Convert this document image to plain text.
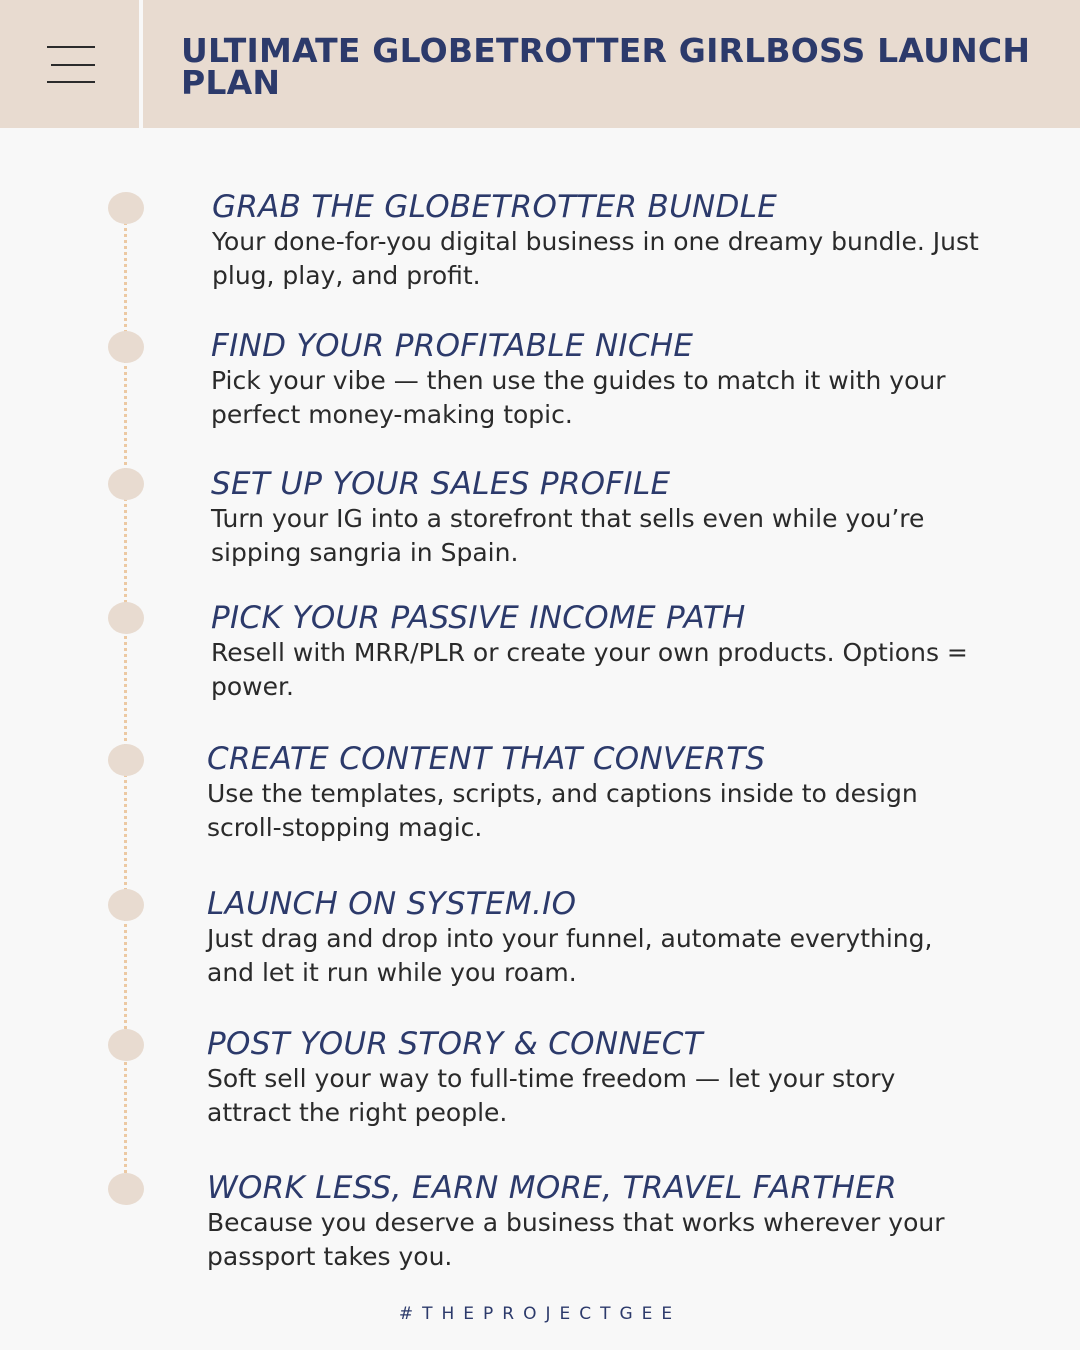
ULTIMATE GLOBETROTTER GIRLBOSS LAUNCH PLAN
GRAB THE GLOBETROTTER BUNDLE

Your done-for-you digital business in one dreamy bundle. Just plug, play, and profit.

FIND YOUR PROFITABLE NICHE

Pick your vibe — then use the guides to match it with your perfect money-making topic.

SET UP YOUR SALES PROFILE

Turn your IG into a storefront that sells even while you’re sipping sangria in Spain.

PICK YOUR PASSIVE INCOME PATH

Resell with MRR/PLR or create your own products. Options = power.

CREATE CONTENT THAT CONVERTS

Use the templates, scripts, and captions inside to design scroll-stopping magic.

LAUNCH ON SYSTEM.IO

Just drag and drop into your funnel, automate everything, and let it run while you roam.

POST YOUR STORY & CONNECT

Soft sell your way to full-time freedom — let your story attract the right people.

WORK LESS, EARN MORE, TRAVEL FARTHER

Because you deserve a business that works wherever your passport takes you.

#THEPROJECTGEE
